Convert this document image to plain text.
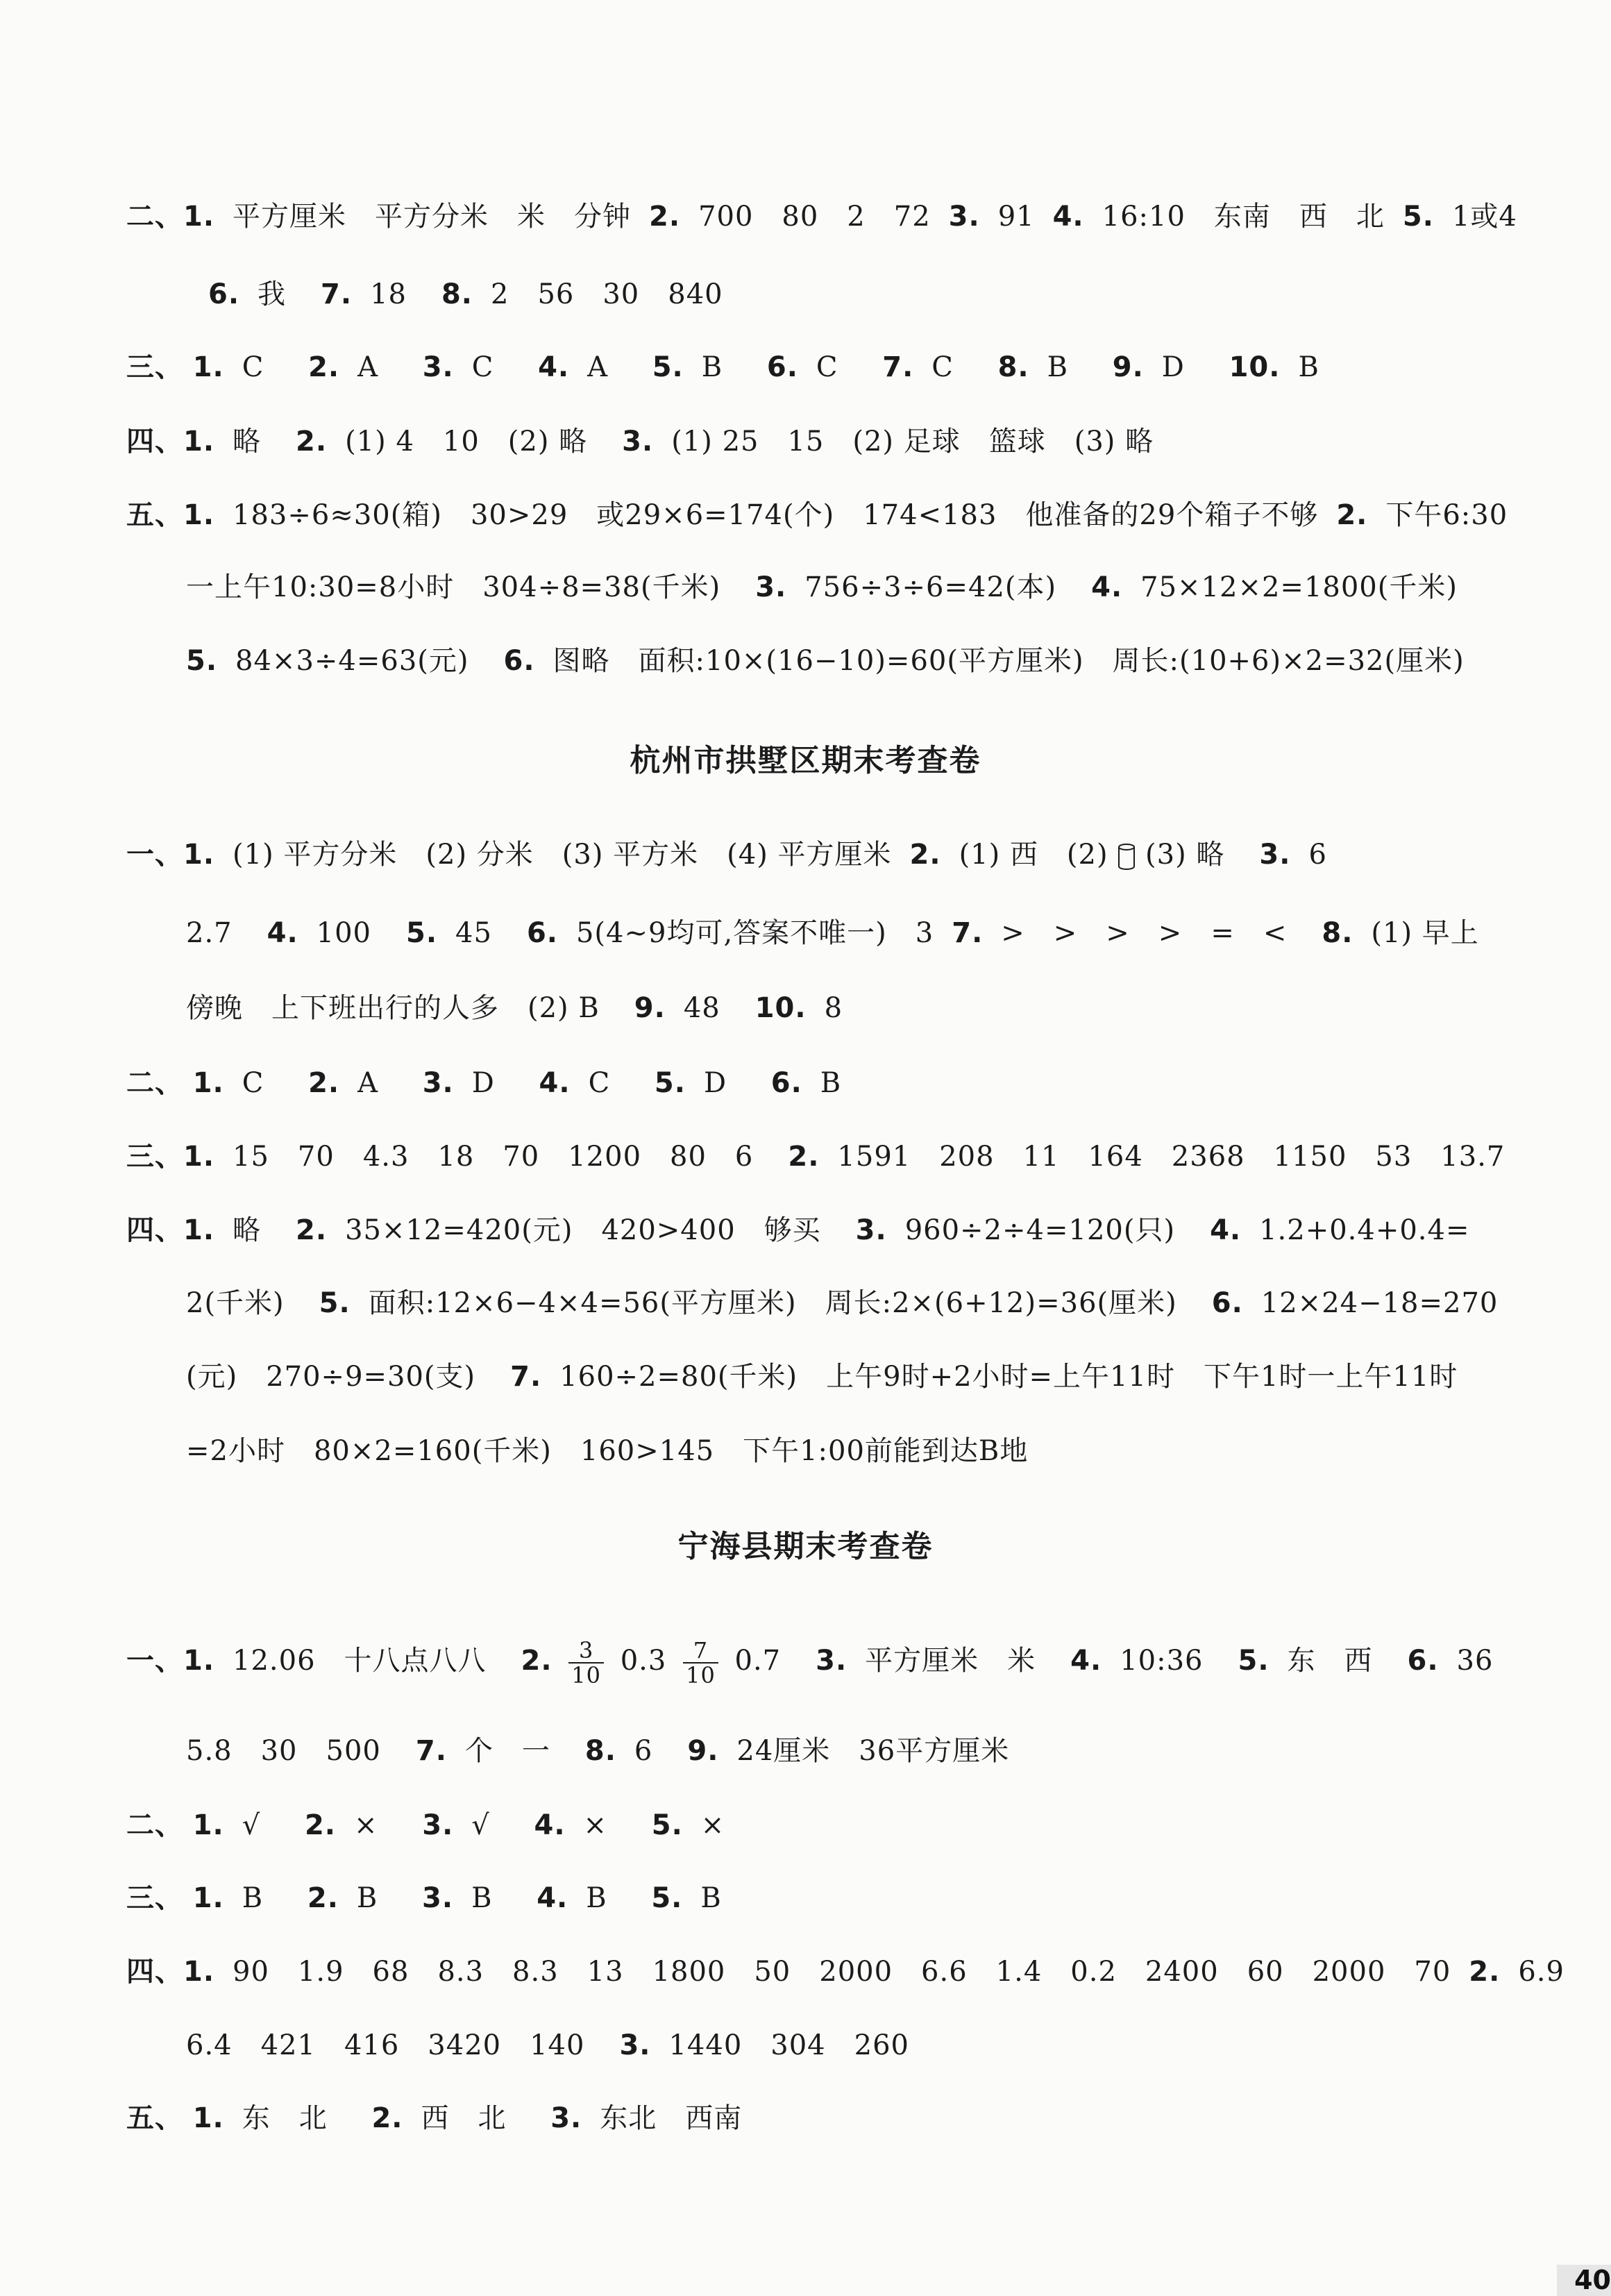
二、1. 平方厘米　平方分米　米　分钟 2. 700　80　2　72 3. 91 4. 16:10　东南　西　北 5. 1或4
6. 我 7. 18 8. 2　56　30　840
三、 1. C 2. A 3. C 4. A 5. B 6. C 7. C 8. B 9. D 10. B
四、1. 略 2. (1) 4　10　(2) 略 3. (1) 25　15　(2) 足球　篮球　(3) 略
五、1. 183÷6≈30(箱)　30>29　或29×6=174(个)　174<183　他准备的29个箱子不够 2. 下午6:30
一上午10:30=8小时　304÷8=38(千米) 3. 756÷3÷6=42(本) 4. 75×12×2=1800(千米)
5. 84×3÷4=63(元) 6. 图略　面积:10×(16−10)=60(平方厘米)　周长:(10+6)×2=32(厘米)
杭州市拱墅区期末考查卷
一、1. (1) 平方分米　(2) 分米　(3) 平方米　(4) 平方厘米 2. (1) 西　(2) (3) 略 3. 6
2.7 4. 100 5. 45 6. 5(4~9均可,答案不唯一)　3 7. >　>　>　>　=　< 8. (1) 早上
傍晚　上下班出行的人多　(2) B 9. 48 10. 8
二、 1. C 2. A 3. D 4. C 5. D 6. B
三、1. 15　70　4.3　18　70　1200　80　6 2. 1591　208　11　164　2368　1150　53　13.7
四、1. 略 2. 35×12=420(元)　420>400　够买 3. 960÷2÷4=120(只) 4. 1.2+0.4+0.4=
2(千米) 5. 面积:12×6−4×4=56(平方厘米)　周长:2×(6+12)=36(厘米) 6. 12×24−18=270
(元)　270÷9=30(支) 7. 160÷2=80(千米)　上午9时+2小时=上午11时　下午1时一上午11时
=2小时　80×2=160(千米)　160>145　下午1:00前能到达B地
宁海县期末考查卷
一、1. 12.06　十八点八八 2. $\frac{3}{10} 0.3 \frac{7}{10} 0.7$ 3. 平方厘米　米 4. 10:36 5. 东　西 6. 36
5.8　30　500 7. 个　一 8. 6 9. 24厘米　36平方厘米
二、 1. √ 2. × 3. √ 4. × 5. ×
三、 1. B 2. B 3. B 4. B 5. B
四、1. 90　1.9　68　8.3　8.3　13　1800　50　2000　6.6　1.4　0.2　2400　60　2000　70 2. 6.9
6.4　421　416　3420　140 3. 1440　304　260
五、 1. 东　北 2. 西　北 3. 东北　西南
40
